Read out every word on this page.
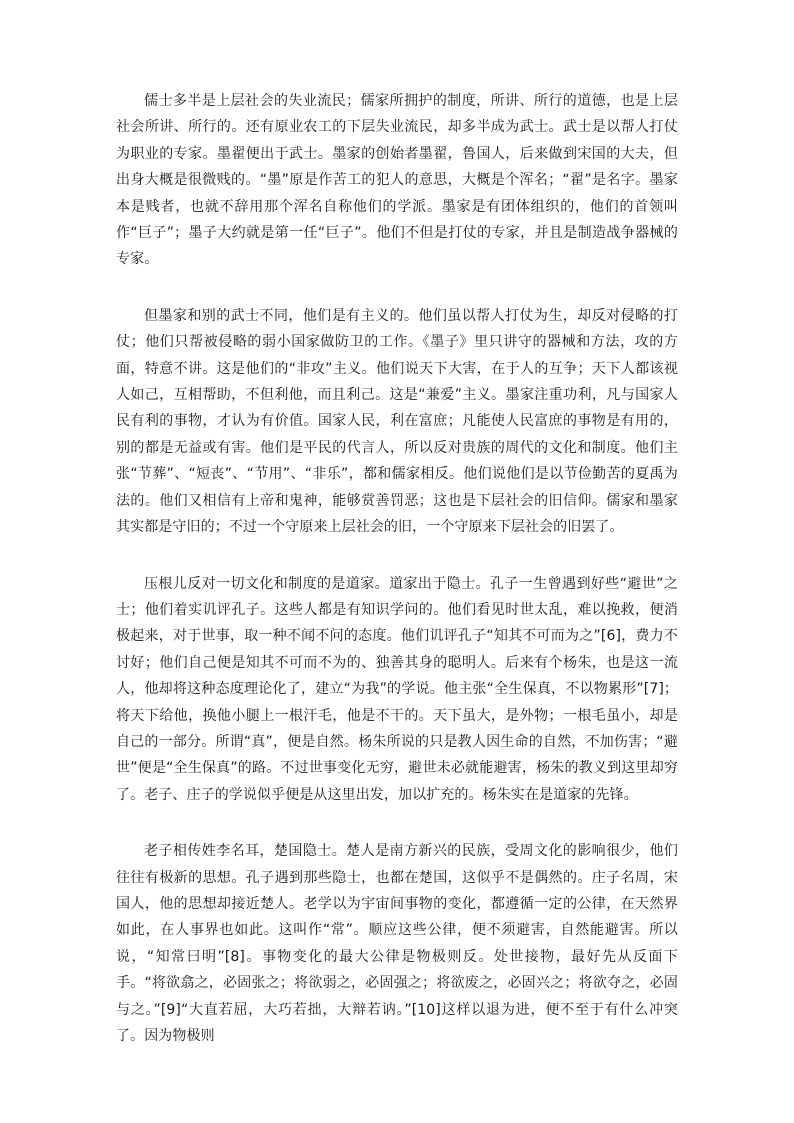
儒士多半是上层社会的失业流民；儒家所拥护的制度，所讲、所行的道德，也是上层社会所讲、所行的。还有原业农工的下层失业流民，却多半成为武士。武士是以帮人打仗为职业的专家。墨翟便出于武士。墨家的创始者墨翟，鲁国人，后来做到宋国的大夫，但出身大概是很微贱的。“墨”原是作苦工的犯人的意思，大概是个浑名；“翟”是名字。墨家本是贱者，也就不辞用那个浑名自称他们的学派。墨家是有团体组织的，他们的首领叫作“巨子”；墨子大约就是第一任“巨子”。他们不但是打仗的专家，并且是制造战争器械的专家。

但墨家和别的武士不同，他们是有主义的。他们虽以帮人打仗为生，却反对侵略的打仗；他们只帮被侵略的弱小国家做防卫的工作。《墨子》里只讲守的器械和方法，攻的方面，特意不讲。这是他们的“非攻”主义。他们说天下大害，在于人的互争；天下人都该视人如己，互相帮助，不但利他，而且利己。这是“兼爱”主义。墨家注重功利，凡与国家人民有利的事物，才认为有价值。国家人民，利在富庶；凡能使人民富庶的事物是有用的，别的都是无益或有害。他们是平民的代言人，所以反对贵族的周代的文化和制度。他们主张“节葬”、“短丧”、“节用”、“非乐”，都和儒家相反。他们说他们是以节俭勤苦的夏禹为法的。他们又相信有上帝和鬼神，能够赏善罚恶；这也是下层社会的旧信仰。儒家和墨家其实都是守旧的；不过一个守原来上层社会的旧，一个守原来下层社会的旧罢了。

压根儿反对一切文化和制度的是道家。道家出于隐士。孔子一生曾遇到好些“避世”之士；他们着实讥评孔子。这些人都是有知识学问的。他们看见时世太乱，难以挽救，便消极起来，对于世事，取一种不闻不问的态度。他们讥评孔子“知其不可而为之”[6]，费力不讨好；他们自己便是知其不可而不为的、独善其身的聪明人。后来有个杨朱，也是这一流人，他却将这种态度理论化了，建立“为我”的学说。他主张“全生保真，不以物累形”[7]；将天下给他，换他小腿上一根汗毛，他是不干的。天下虽大，是外物；一根毛虽小，却是自己的一部分。所谓“真”，便是自然。杨朱所说的只是教人因生命的自然，不加伤害；“避世”便是“全生保真”的路。不过世事变化无穷，避世未必就能避害，杨朱的教义到这里却穷了。老子、庄子的学说似乎便是从这里出发，加以扩充的。杨朱实在是道家的先锋。

老子相传姓李名耳，楚国隐士。楚人是南方新兴的民族，受周文化的影响很少，他们往往有极新的思想。孔子遇到那些隐士，也都在楚国，这似乎不是偶然的。庄子名周，宋国人，他的思想却接近楚人。老学以为宇宙间事物的变化，都遵循一定的公律，在天然界如此，在人事界也如此。这叫作“常”。顺应这些公律，便不须避害，自然能避害。所以说，“知常曰明”[8]。事物变化的最大公律是物极则反。处世接物，最好先从反面下手。“将欲翕之，必固张之；将欲弱之，必固强之；将欲废之，必固兴之；将欲夺之，必固与之。”[9]“大直若屈，大巧若拙，大辩若讷。”[10]这样以退为进，便不至于有什么冲突了。因为物极则
